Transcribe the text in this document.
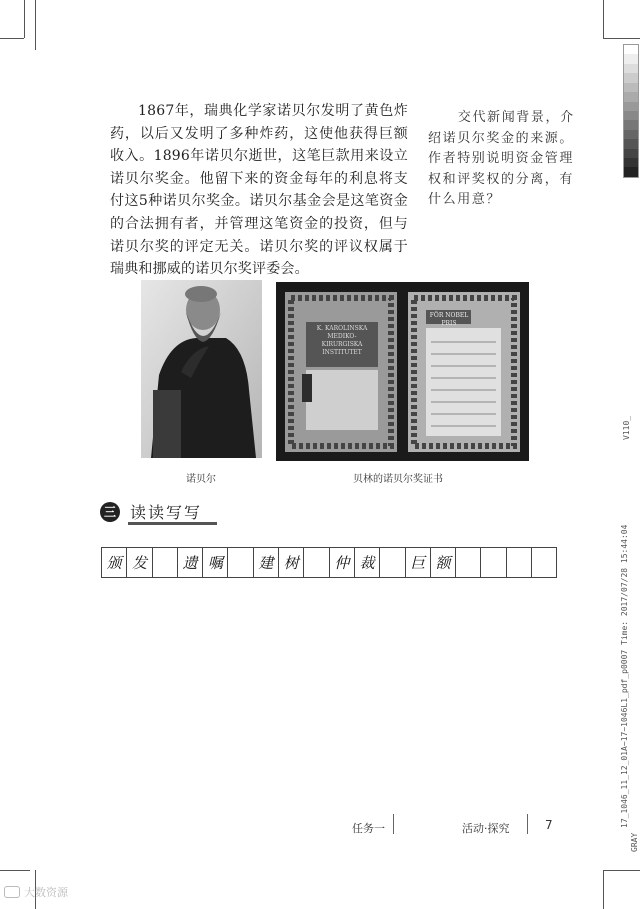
1867年，瑞典化学家诺贝尔发明了黄色炸药，以后又发明了多种炸药，这使他获得巨额收入。1896年诺贝尔逝世，这笔巨款用来设立诺贝尔奖金。他留下来的资金每年的利息将支付这5种诺贝尔奖金。诺贝尔基金会是这笔资金的合法拥有者，并管理这笔资金的投资，但与诺贝尔奖的评定无关。诺贝尔奖的评议权属于瑞典和挪威的诺贝尔奖评委会。
交代新闻背景，介绍诺贝尔奖金的来源。作者特别说明资金管理权和评奖权的分离，有什么用意？
K. KAROLINSKA MEDIKO-KIRURGISKA INSTITUTET
FÖR NOBEL PRIS
诺贝尔	贝林的诺贝尔奖证书
三 读读写写
颁 发	遗 嘱	建 树	仲 裁	巨 额
任务一	活动·探究	7
V110_
17_1046_11_12_01A~17~1046L1_pdf_p0007 Time: 2017/07/28 15:44:04
GRAY
大数资源
